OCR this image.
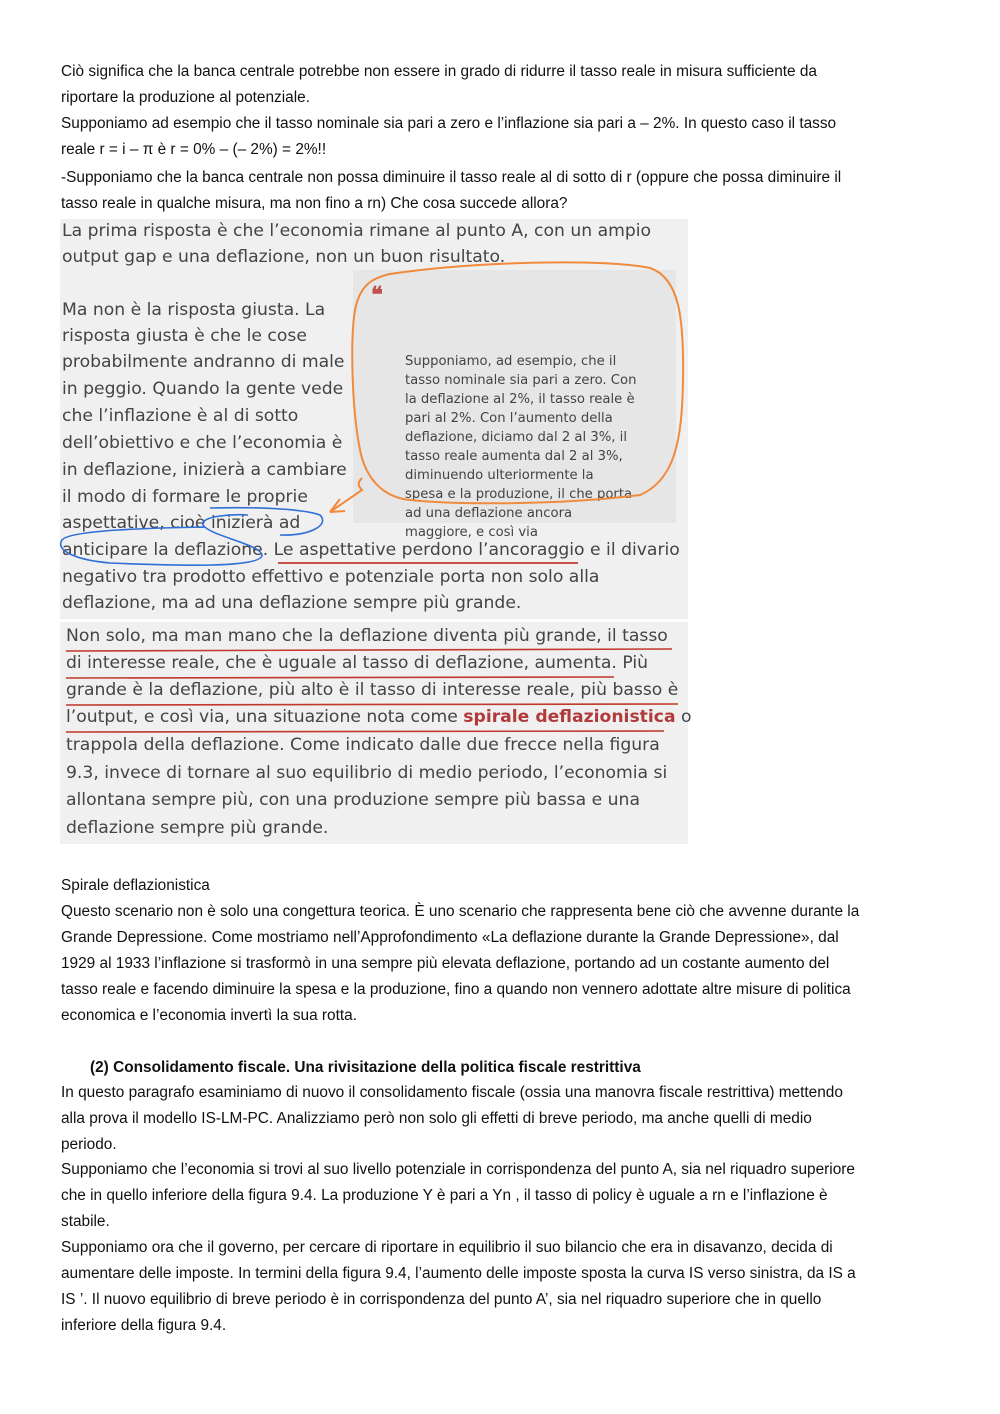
Ciò significa che la banca centrale potrebbe non essere in grado di ridurre il tasso reale in misura sufficiente da

riportare la produzione al potenziale.

Supponiamo ad esempio che il tasso nominale sia pari a zero e l’inflazione sia pari a – 2%. In questo caso il tasso

reale r = i – π è r = 0% – (– 2%) = 2%!!

-Supponiamo che la banca centrale non possa diminuire il tasso reale al di sotto di r (oppure che possa diminuire il

tasso reale in qualche misura, ma non fino a rn) Che cosa succede allora?

La prima risposta è che l’economia rimane al punto A, con un ampio

output gap e una deflazione, non un buon risultato.

Ma non è la risposta giusta. La

risposta giusta è che le cose

probabilmente andranno di male

in peggio. Quando la gente vede

che l’inflazione è al di sotto

dell’obiettivo e che l’economia è

in deflazione, inizierà a cambiare

il modo di formare le proprie

aspettative, cioè inizierà ad

❝

Supponiamo, ad esempio, che il

tasso nominale sia pari a zero. Con

la deflazione al 2%, il tasso reale è

pari al 2%. Con l’aumento della

deflazione, diciamo dal 2 al 3%, il

tasso reale aumenta dal 2 al 3%,

diminuendo ulteriormente la

spesa e la produzione, il che porta

ad una deflazione ancora

maggiore, e così via

anticipare la deflazione. Le aspettative perdono l’ancoraggio e il divario

negativo tra prodotto effettivo e potenziale porta non solo alla

deflazione, ma ad una deflazione sempre più grande.

Non solo, ma man mano che la deflazione diventa più grande, il tasso

di interesse reale, che è uguale al tasso di deflazione, aumenta. Più

grande è la deflazione, più alto è il tasso di interesse reale, più basso è

l’output, e così via, una situazione nota come spirale deflazionistica o

trappola della deflazione. Come indicato dalle due frecce nella figura

9.3, invece di tornare al suo equilibrio di medio periodo, l’economia si

allontana sempre più, con una produzione sempre più bassa e una

deflazione sempre più grande.

Spirale deflazionistica

Questo scenario non è solo una congettura teorica. È uno scenario che rappresenta bene ciò che avvenne durante la

Grande Depressione. Come mostriamo nell’Approfondimento «La deflazione durante la Grande Depressione», dal

1929 al 1933 l’inflazione si trasformò in una sempre più elevata deflazione, portando ad un costante aumento del

tasso reale e facendo diminuire la spesa e la produzione, fino a quando non vennero adottate altre misure di politica

economica e l’economia invertì la sua rotta.

(2) Consolidamento fiscale. Una rivisitazione della politica fiscale restrittiva

In questo paragrafo esaminiamo di nuovo il consolidamento fiscale (ossia una manovra fiscale restrittiva) mettendo

alla prova il modello IS-LM-PC. Analizziamo però non solo gli effetti di breve periodo, ma anche quelli di medio

periodo.

Supponiamo che l’economia si trovi al suo livello potenziale in corrispondenza del punto A, sia nel riquadro superiore

che in quello inferiore della figura 9.4. La produzione Y è pari a Yn , il tasso di policy è uguale a rn e l’inflazione è

stabile.

Supponiamo ora che il governo, per cercare di riportare in equilibrio il suo bilancio che era in disavanzo, decida di

aumentare delle imposte. In termini della figura 9.4, l’aumento delle imposte sposta la curva IS verso sinistra, da IS a

IS ’. Il nuovo equilibrio di breve periodo è in corrispondenza del punto A’, sia nel riquadro superiore che in quello

inferiore della figura 9.4.
